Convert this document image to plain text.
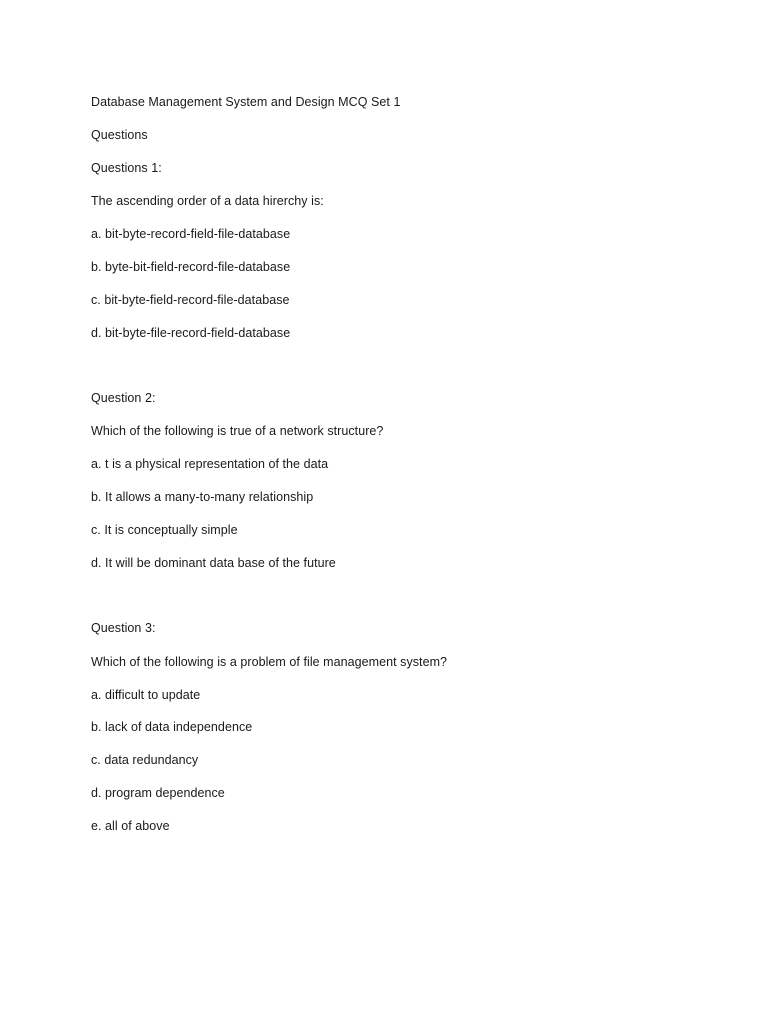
Database Management System and Design MCQ Set 1
Questions
Questions 1:
The ascending order of a data hirerchy is:
a. bit-byte-record-field-file-database
b. byte-bit-field-record-file-database
c. bit-byte-field-record-file-database
d. bit-byte-file-record-field-database
Question 2:
Which of the following is true of a network structure?
a. t is a physical representation of the data
b. It allows a many-to-many relationship
c. It is conceptually simple
d. It will be dominant data base of the future
Question 3:
Which of the following is a problem of file management system?
a. difficult to update
b. lack of data independence
c. data redundancy
d. program dependence
e. all of above
